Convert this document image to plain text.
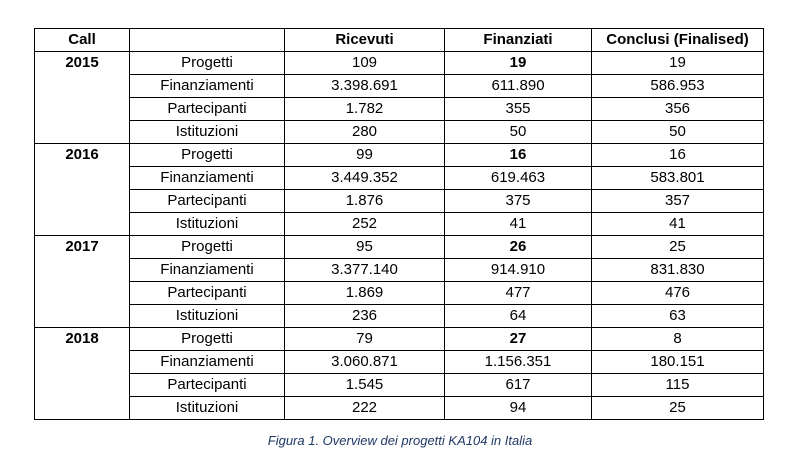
Call		Ricevuti	Finanziati	Conclusi (Finalised)
2015	Progetti	109	19	19
	Finanziamenti	3.398.691	611.890	586.953
	Partecipanti	1.782	355	356
	Istituzioni	280	50	50
2016	Progetti	99	16	16
	Finanziamenti	3.449.352	619.463	583.801
	Partecipanti	1.876	375	357
	Istituzioni	252	41	41
2017	Progetti	95	26	25
	Finanziamenti	3.377.140	914.910	831.830
	Partecipanti	1.869	477	476
	Istituzioni	236	64	63
2018	Progetti	79	27	8
	Finanziamenti	3.060.871	1.156.351	180.151
	Partecipanti	1.545	617	115
	Istituzioni	222	94	25
Figura 1. Overview dei progetti KA104 in Italia
